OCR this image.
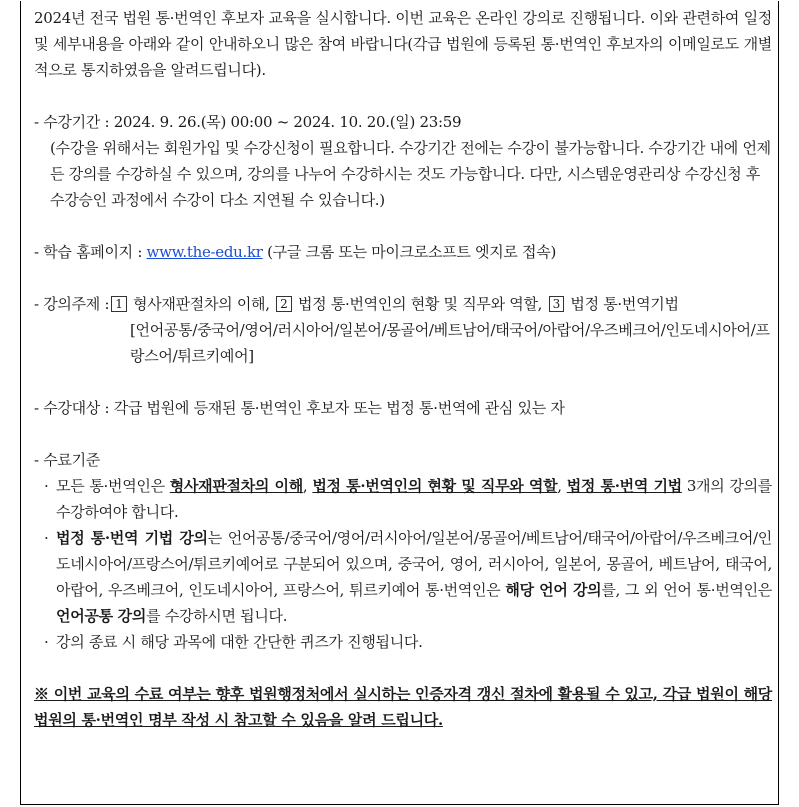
2024년 전국 법원 통·번역인 후보자 교육을 실시합니다. 이번 교육은 온라인 강의로 진행됩니다. 이와 관련하여 일정 및 세부내용을 아래와 같이 안내하오니 많은 참여 바랍니다(각급 법원에 등록된 통·번역인 후보자의 이메일로도 개별적으로 통지하였음을 알려드립니다).

- 수강기간 : 2024. 9. 26.(목) 00:00 ~ 2024. 10. 20.(일) 23:59

(수강을 위해서는 회원가입 및 수강신청이 필요합니다. 수강기간 전에는 수강이 불가능합니다. 수강기간 내에 언제든 강의를 수강하실 수 있으며, 강의를 나누어 수강하시는 것도 가능합니다. 다만, 시스템운영관리상 수강신청 후 수강승인 과정에서 수강이 다소 지연될 수 있습니다.)

- 학습 홈페이지 : www.the-edu.kr (구글 크롬 또는 마이크로소프트 엣지로 접속)

- 강의주제 : 1 형사재판절차의 이해, 2 법정 통·번역인의 현황 및 직무와 역할, 3 법정 통·번역기법

[언어공통/중국어/영어/러시아어/일본어/몽골어/베트남어/태국어/아랍어/우즈베크어/인도네시아어/프랑스어/튀르키예어]

- 수강대상 : 각급 법원에 등재된 통·번역인 후보자 또는 법정 통·번역에 관심 있는 자

- 수료기준

· 모든 통·번역인은 형사재판절차의 이해, 법정 통·번역인의 현황 및 직무와 역할, 법정 통·번역 기법 3개의 강의를 수강하여야 합니다.
· 법정 통·번역 기법 강의는 언어공통/중국어/영어/러시아어/일본어/몽골어/베트남어/태국어/아랍어/우즈베크어/인도네시아어/프랑스어/튀르키예어로 구분되어 있으며, 중국어, 영어, 러시아어, 일본어, 몽골어, 베트남어, 태국어, 아랍어, 우즈베크어, 인도네시아어, 프랑스어, 튀르키예어 통·번역인은 해당 언어 강의를, 그 외 언어 통·번역인은 언어공통 강의를 수강하시면 됩니다.
· 강의 종료 시 해당 과목에 대한 간단한 퀴즈가 진행됩니다.

※ 이번 교육의 수료 여부는 향후 법원행정처에서 실시하는 인증자격 갱신 절차에 활용될 수 있고, 각급 법원이 해당 법원의 통·번역인 명부 작성 시 참고할 수 있음을 알려 드립니다.
